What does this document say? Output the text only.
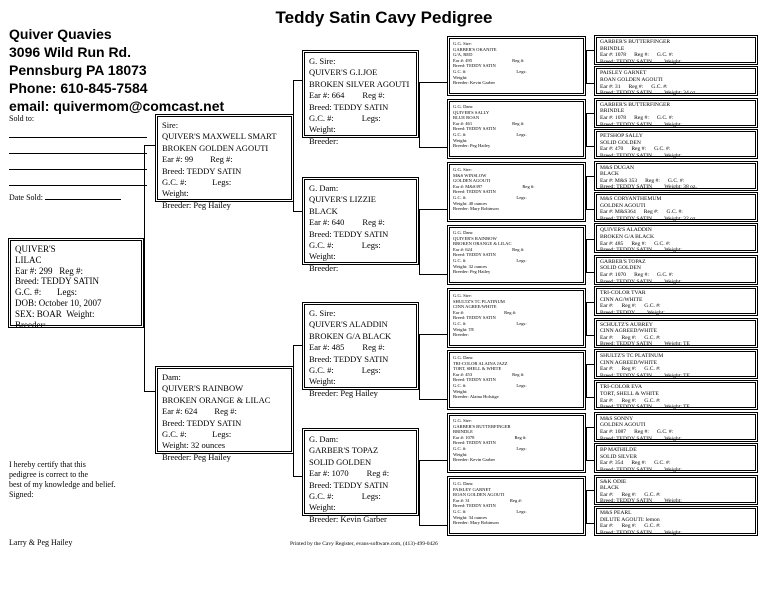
Teddy Satin Cavy Pedigree
Quiver Quavies
3096 Wild Run Rd.
Pennsburg PA 18073
Phone: 610-845-7584
email: quivermom@comcast.net
Sold to:
Date Sold:
QUIVER'S
LILAC
Ear #: 299 Reg #:
Breed: TEDDY SATIN
G.C. #: Legs:
DOB: October 10, 2007
SEX: BOAR Weight:
Breeder:
Sire:
QUIVER'S MAXWELL SMART
BROKEN GOLDEN AGOUTI
Ear #: 99 Reg #:
Breed: TEDDY SATIN
G.C. #:	Legs:
Weight:
Breeder: Peg Hailey
Dam:
QUIVER'S RAINBOW
BROKEN ORANGE & LILAC
Ear #: 624 Reg #:
Breed: TEDDY SATIN
G.C. #:	Legs:
Weight: 32 ounces
Breeder: Peg Hailey
G. Sire:
QUIVER'S G.I.JOE
BROKEN SILVER AGOUTI
Ear #: 664 Reg #:
Breed: TEDDY SATIN
G.C. #:	Legs:
Weight:
Breeder:
G. Dam:
QUIVER'S LIZZIE
BLACK
Ear #: 640 Reg #:
Breed: TEDDY SATIN
G.C. #:	Legs:
Weight:
Breeder:
G. Sire:
QUIVER'S ALADDIN
BROKEN G/A BLACK
Ear #: 485 Reg #:
Breed: TEDDY SATIN
G.C. #:	Legs:
Weight:
Breeder: Peg Hailey
G. Dam:
GARBER'S TOPAZ
SOLID GOLDEN
Ear #: 1070 Reg #:
Breed: TEDDY SATIN
G.C. #:	Legs:
Weight:
Breeder: Kevin Garber
G.G. Sire:
GARBER'S OKANITE
G/A, RED
Ear #: 495	Reg #:
Breed: TEDDY SATIN
G.C. #:	Legs:
Weight:
Breeder: Kevin Garber
G.G. Dam:
QUIVER'S SALLY
BLUE ROAN
Ear #: 461	Reg #:
Breed: TEDDY SATIN
G.C. #:	Legs:
Weight:
Breeder: Peg Hailey
G.G. Sire:
M&S WINSLOW
GOLDEN AGOUTI
Ear #: M&S397	Reg #:
Breed: TEDDY SATIN
G.C. #:	Legs:
Weight: 40 ounces
Breeder: Mary Robinson
G.G. Dam:
QUIVER'S RAINBOW
BROKEN ORANGE & LILAC
Ear #: 624	Reg #:
Breed: TEDDY SATIN
G.C. #:	Legs:
Weight: 32 ounces
Breeder: Peg Hailey
G.G. Sire:
SHULTZ'S TC PLATINUM
CINN AGREE/WHITE
Ear #:	Reg #:
Breed: TEDDY SATIN
G.C. #:	Legs:
Weight: TE
Breeder:
G.G. Dam:
TRI-COLOR ALAINA JAZZ
TORT, SHELL & WHITE
Ear #: 453	Reg #:
Breed: TEDDY SATIN
G.C. #:	Legs:
Weight:
Breeder: Alaina Holstige
G.G. Sire:
GARBER'S BUTTERFINGER
BRINDLE
Ear #: 1078	Reg #:
Breed: TEDDY SATIN
G.C. #:	Legs:
Weight:
Breeder: Kevin Garber
G.G. Dam:
PAISLEY GARNET
ROAN GOLDEN AGOUTI
Ear #: 31	Reg #:
Breed: TEDDY SATIN
G.C. #:	Legs:
Weight: 34 ounces
Breeder: Mary Robinson
GARBER'S BUTTERFINGER
BRINDLE
Ear #: 1078 Reg #: G.C. #:
Breed: TEDDY SATIN Weight:
PAISLEY GARNET
ROAN GOLDEN AGOUTI
Ear #: 31 Reg #: G.C. #:
Breed: TEDDY SATIN Weight: 34 oz.
GARBER'S BUTTERFINGER
BRINDLE
Ear #: 1078 Reg #: G.C. #:
Breed: TEDDY SATIN Weight:
PETSHOP SALLY
SOLID GOLDEN
Ear #: 470 Reg #: G.C. #:
Breed: TEDDY SATIN Weight:
M&S DUGAN
BLACK
Ear #: M&S 353 Reg #: G.C. #:
Breed: TEDDY SATIN Weight: 38 oz.
M&S CORYANTHEMUM
GOLDEN AGOUTI
Ear #: M&S364 Reg #: G.C. #:
Breed: TEDDY SATIN Weight: 32 oz.
QUIVER'S ALADDIN
BROKEN G/A BLACK
Ear #: 485 Reg #: G.C. #:
Breed: TEDDY SATIN Weight:
GARBER'S TOPAZ
SOLID GOLDEN
Ear #: 1070 Reg #: G.C. #:
Breed: TEDDY SATIN Weight:
TRI-COLOR TVAR
CINN AG/WHITE
Ear #: Reg #: G.C. #:
Breed: TEDDY Weight:
SCHULTZ'S AUBREY
CINN AGREED/WHITE
Ear #: Reg #: G.C. #:
Breed: TEDDY SATIN Weight: TE
SHULTZ'S TC PLATINUM
CINN AGREED/WHITE
Ear #: Reg #: G.C. #:
Breed: TEDDY SATIN Weight: TE
TRI-COLOR EVA
TORT, SHELL & WHITE
Ear #: Reg #: G.C. #:
Breed: TEDDY SATIN Weight: TE
M&S SONNY
GOLDEN AGOUTI
Ear #: 1087 Reg #: G.C. #:
Breed: TEDDY SATIN Weight:
BP MATHILDE
SOLID SILVER
Ear #: 354 Reg #: G.C. #:
Breed: TEDDY SATIN Weight:
S&K ODIE
BLACK
Ear #: Reg #: G.C. #:
Breed: TEDDY SATIN Weight:
M&S PEARL
DILUTE AGOUTI: lemon
Ear #: Reg #: G.C. #:
Breed: TEDDY SATIN Weight:
I hereby certify that this
pedigree is correct to the
best of my knowledge and belief.
Signed:
Larry & Peg Hailey	Printed by the Cavy Register, evans-software.com, (413)-499-0426
